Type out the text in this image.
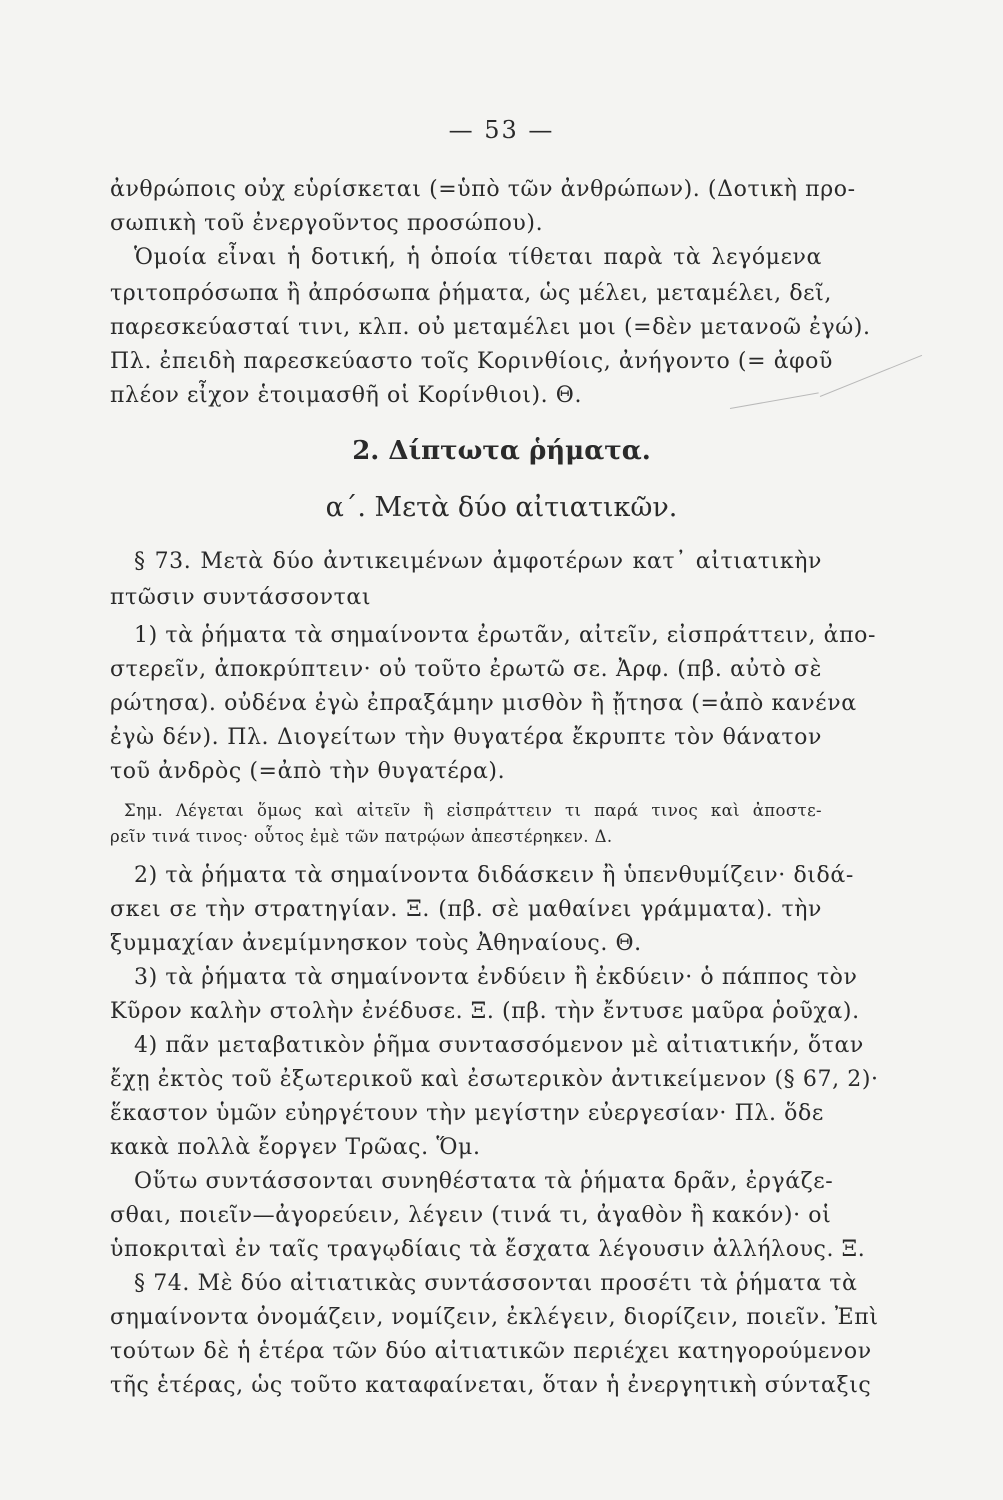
— 53 —
ἀνθρώποις οὐχ εὑρίσκεται (=ὑπὸ τῶν ἀνθρώπων). (Δοτικὴ προ-
σωπικὴ τοῦ ἐνεργοῦντος προσώπου).
Ὁμοία εἶναι ἡ δοτική, ἡ ὁποία τίθεται παρὰ τὰ λεγόμενα
τριτοπρόσωπα ἢ ἀπρόσωπα ῥήματα, ὡς μέλει, μεταμέλει, δεῖ,
παρεσκεύασταί τινι, κλπ. οὐ μεταμέλει μοι (=δὲν μετανοῶ ἐγώ).
Πλ. ἐπειδὴ παρεσκεύαστο τοῖς Κορινθίοις, ἀνήγοντο (= ἀφοῦ
πλέον εἶχον ἑτοιμασθῆ οἱ Κορίνθιοι). Θ.
2. Δίπτωτα ῥήματα.
α΄. Μετὰ δύο αἰτιατικῶν.
§ 73. Μετὰ δύο ἀντικειμένων ἀμφοτέρων κατ᾽ αἰτιατικὴν
πτῶσιν συντάσσονται
1) τὰ ῥήματα τὰ σημαίνοντα ἐρωτᾶν, αἰτεῖν, εἰσπράττειν, ἀπο-
στερεῖν, ἀποκρύπτειν· οὐ τοῦτο ἐρωτῶ σε. Ἀρφ. (πβ. αὐτὸ σὲ
ρώτησα). οὐδένα ἐγὼ ἐπραξάμην μισθὸν ἢ ᾔτησα (=ἀπὸ κανένα
ἐγὼ δέν). Πλ. Διογείτων τὴν θυγατέρα ἔκρυπτε τὸν θάνατον
τοῦ ἀνδρὸς (=ἀπὸ τὴν θυγατέρα).
Σημ. Λέγεται ὅμως καὶ αἰτεῖν ἢ εἰσπράττειν τι παρά τινος καὶ ἀποστε-
ρεῖν τινά τινος· οὗτος ἐμὲ τῶν πατρῴων ἀπεστέρηκεν. Δ.
2) τὰ ῥήματα τὰ σημαίνοντα διδάσκειν ἢ ὑπενθυμίζειν· διδά-
σκει σε τὴν στρατηγίαν. Ξ. (πβ. σὲ μαθαίνει γράμματα). τὴν
ξυμμαχίαν ἀνεμίμνησκον τοὺς Ἀθηναίους. Θ.
3) τὰ ῥήματα τὰ σημαίνοντα ἐνδύειν ἢ ἐκδύειν· ὁ πάππος τὸν
Κῦρον καλὴν στολὴν ἐνέδυσε. Ξ. (πβ. τὴν ἔντυσε μαῦρα ῥοῦχα).
4) πᾶν μεταβατικὸν ῥῆμα συντασσόμενον μὲ αἰτιατικήν, ὅταν
ἔχῃ ἐκτὸς τοῦ ἐξωτερικοῦ καὶ ἐσωτερικὸν ἀντικείμενον (§ 67, 2)·
ἕκαστον ὑμῶν εὐηργέτουν τὴν μεγίστην εὐεργεσίαν· Πλ. ὅδε
κακὰ πολλὰ ἔοργεν Τρῶας. Ὅμ.
Οὕτω συντάσσονται συνηθέστατα τὰ ῥήματα δρᾶν, ἐργάζε-
σθαι, ποιεῖν—ἀγορεύειν, λέγειν (τινά τι, ἀγαθὸν ἢ κακόν)· οἱ
ὑποκριταὶ ἐν ταῖς τραγῳδίαις τὰ ἔσχατα λέγουσιν ἀλλήλους. Ξ.
§ 74. Μὲ δύο αἰτιατικὰς συντάσσονται προσέτι τὰ ῥήματα τὰ
σημαίνοντα ὀνομάζειν, νομίζειν, ἐκλέγειν, διορίζειν, ποιεῖν. Ἐπὶ
τούτων δὲ ἡ ἑτέρα τῶν δύο αἰτιατικῶν περιέχει κατηγορούμενον
τῆς ἑτέρας, ὡς τοῦτο καταφαίνεται, ὅταν ἡ ἐνεργητικὴ σύνταξις
